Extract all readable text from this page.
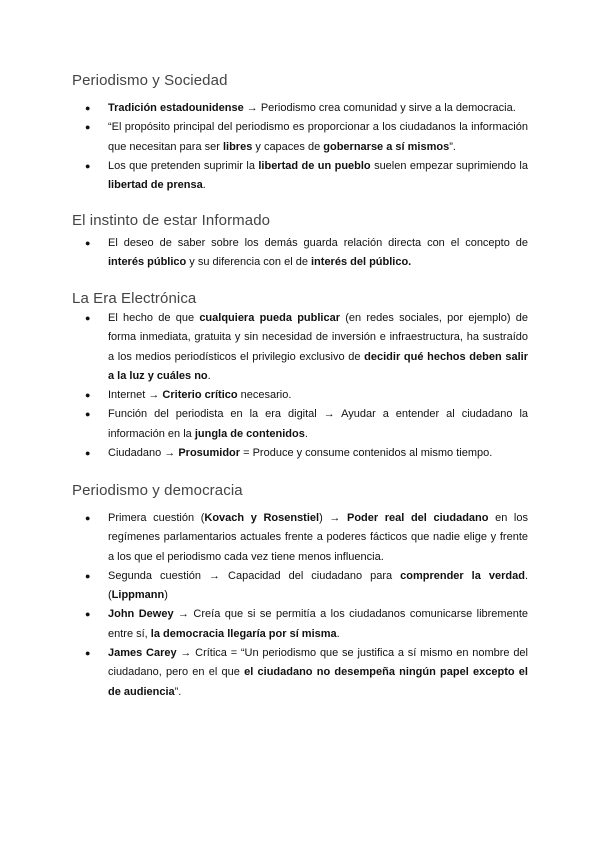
Periodismo y Sociedad
● Tradición estadounidense → Periodismo crea comunidad y sirve a la democracia.
● “El propósito principal del periodismo es proporcionar a los ciudadanos la información que necesitan para ser libres y capaces de gobernarse a sí mismos”.
● Los que pretenden suprimir la libertad de un pueblo suelen empezar suprimiendo la libertad de prensa.
El instinto de estar Informado
● El deseo de saber sobre los demás guarda relación directa con el concepto de interés público y su diferencia con el de interés del público.
La Era Electrónica
● El hecho de que cualquiera pueda publicar (en redes sociales, por ejemplo) de forma inmediata, gratuita y sin necesidad de inversión e infraestructura, ha sustraído a los medios periodísticos el privilegio exclusivo de decidir qué hechos deben salir a la luz y cuáles no.
● Internet → Criterio crítico necesario.
● Función del periodista en la era digital → Ayudar a entender al ciudadano la información en la jungla de contenidos.
● Ciudadano → Prosumidor = Produce y consume contenidos al mismo tiempo.
Periodismo y democracia
● Primera cuestión (Kovach y Rosenstiel) → Poder real del ciudadano en los regímenes parlamentarios actuales frente a poderes fácticos que nadie elige y frente a los que el periodismo cada vez tiene menos influencia.
● Segunda cuestión → Capacidad del ciudadano para comprender la verdad. (Lippmann)
● John Dewey → Creía que si se permitía a los ciudadanos comunicarse libremente entre sí, la democracia llegaría por sí misma.
● James Carey → Crítica = “Un periodismo que se justifica a sí mismo en nombre del ciudadano, pero en el que el ciudadano no desempeña ningún papel excepto el de audiencia”.
